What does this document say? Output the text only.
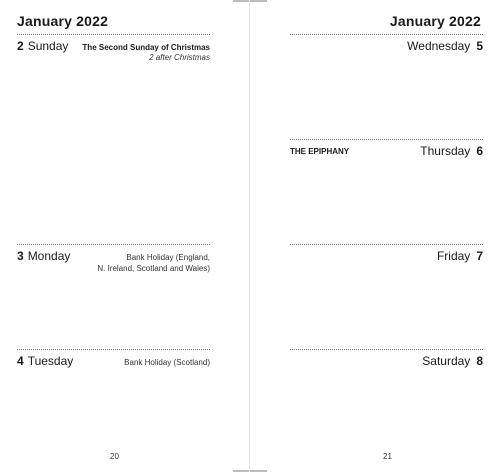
January 2022
2 Sunday The Second Sunday of Christmas
2 after Christmas
3 Monday	Bank Holiday (England,
N. Ireland, Scotland and Wales)
4 Tuesday	Bank Holiday (Scotland)
20
January 2022
Wednesday 5
THE EPIPHANY	Thursday 6
Friday 7
Saturday 8
21
